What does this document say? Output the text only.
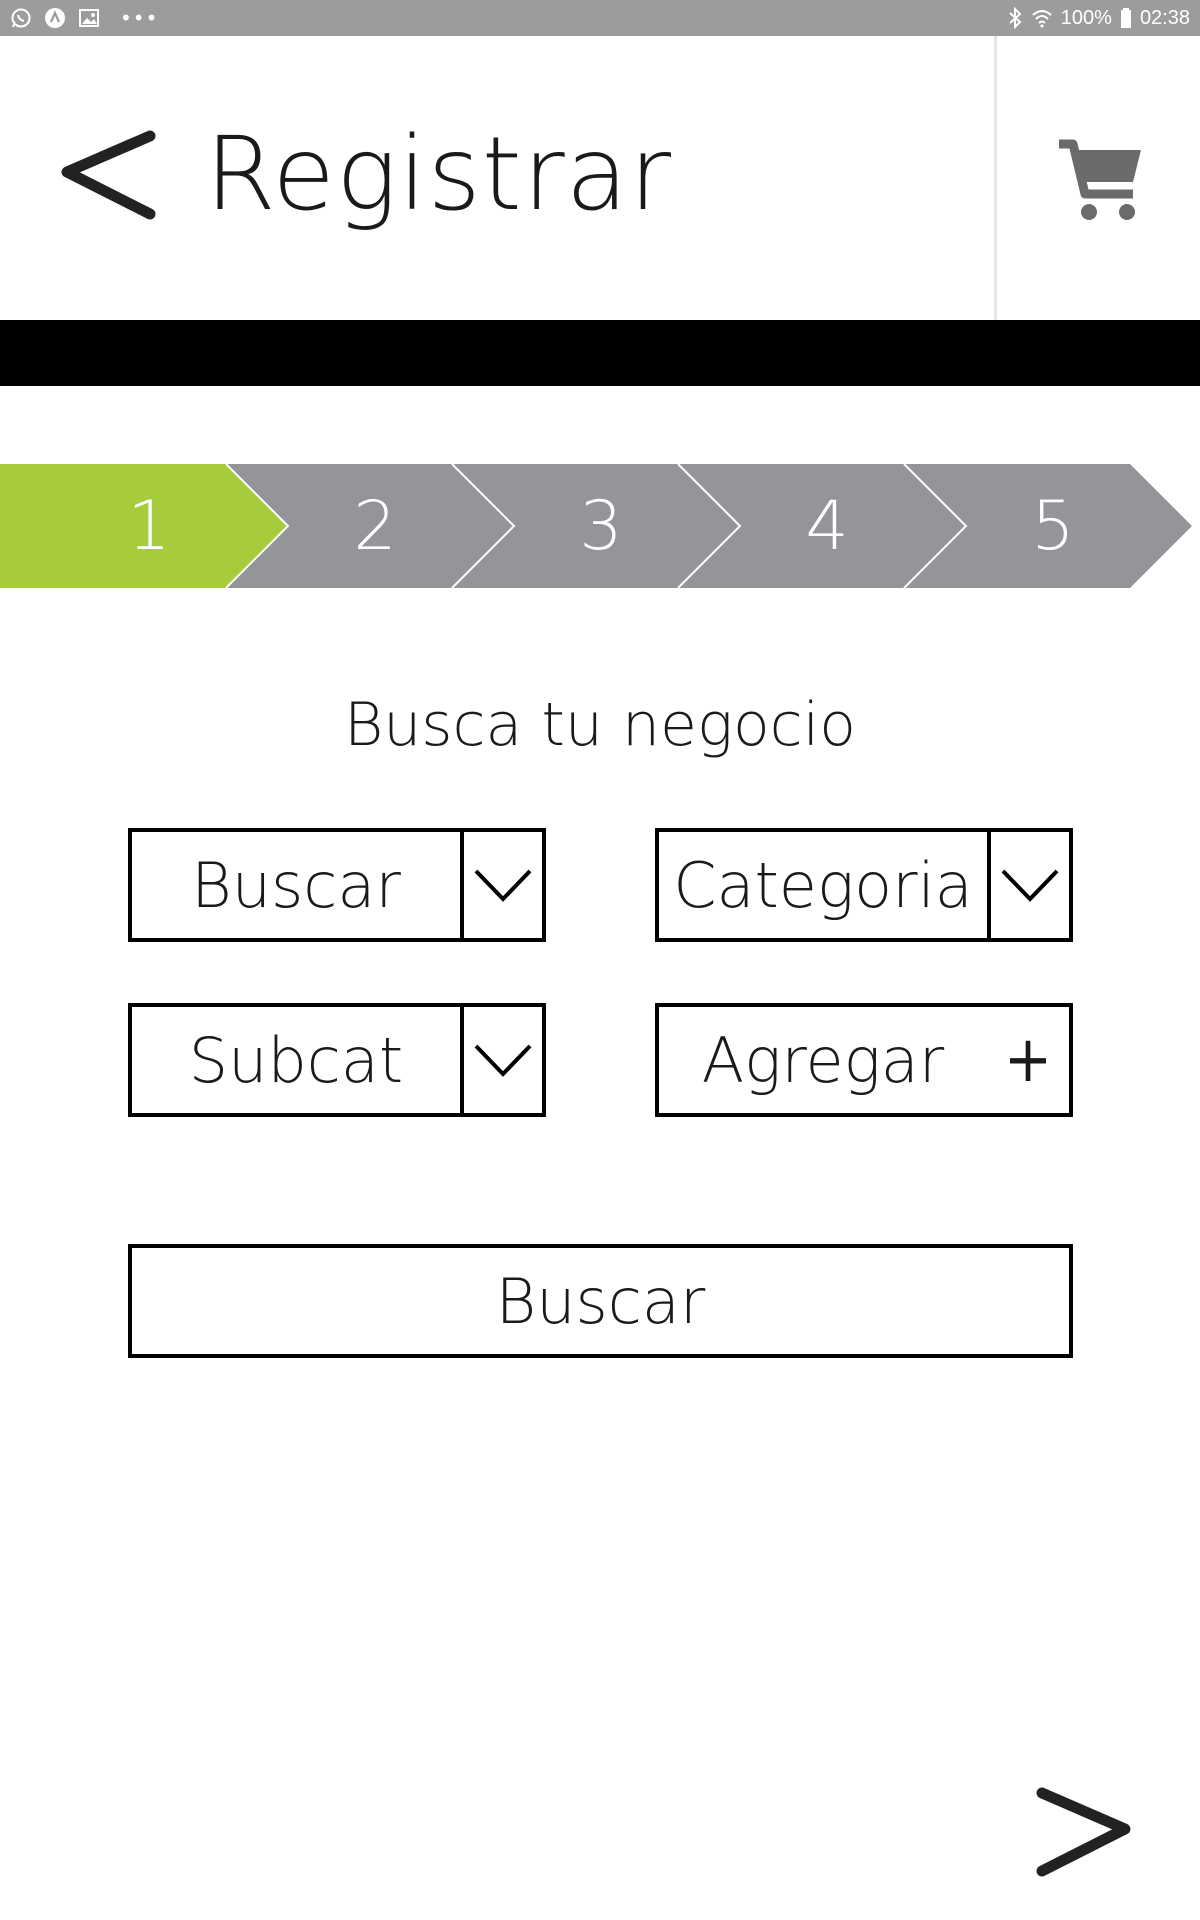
•••	100% 02:38
Registrar
1	2	3	4	5
Busca tu negocio
Buscar	Categoria
Subcat	Agregar +
Buscar
